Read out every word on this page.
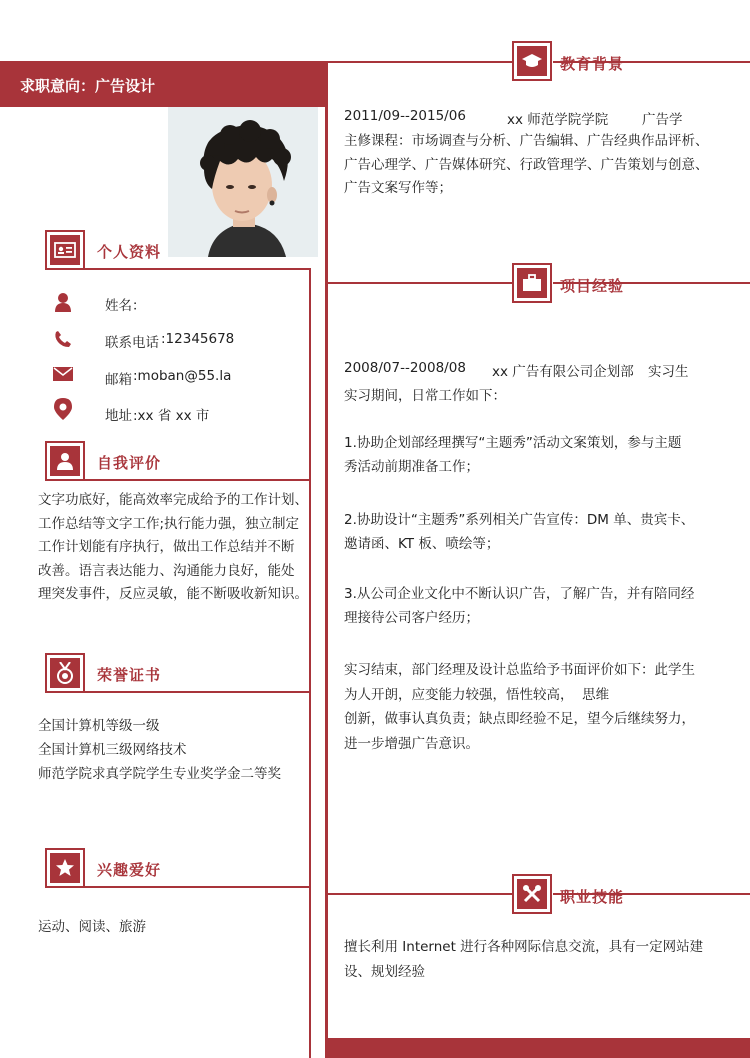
求职意向：广告设计
个人资料
姓名：
联系电话 :12345678
邮箱 :moban@55.la
地址 :xx 省 xx 市
自我评价
文字功底好，能高效率完成给予的工作计划、
工作总结等文字工作;执行能力强，独立制定
工作计划能有序执行，做出工作总结并不断
改善。语言表达能力、沟通能力良好，能处
理突发事件，反应灵敏，能不断吸收新知识。
荣誉证书
全国计算机等级一级
全国计算机三级网络技术
师范学院求真学院学生专业奖学金二等奖
兴趣爱好
运动、阅读、旅游
教育背景
2011/09--2015/06	xx 师范学院学院 广告学
主修课程：市场调查与分析、广告编辑、广告经典作品评析、
广告心理学、广告媒体研究、行政管理学、广告策划与创意、
广告文案写作等；
项目经验
2008/07--2008/08 xx 广告有限公司企划部 实习生
实习期间，日常工作如下：
1.协助企划部经理撰写“主题秀”活动文案策划，参与主题
秀活动前期准备工作；
2.协助设计“主题秀”系列相关广告宣传：DM 单、贵宾卡、
邀请函、KT 板、喷绘等；
3.从公司企业文化中不断认识广告，了解广告，并有陪同经
理接待公司客户经历；
实习结束，部门经理及设计总监给予书面评价如下：此学生
为人开朗，应变能力较强，悟性较高，  思维
创新，做事认真负责；缺点即经验不足，望今后继续努力，
进一步增强广告意识。
职业技能
擅长利用 Internet 进行各种网际信息交流，具有一定网站建
设、规划经验
